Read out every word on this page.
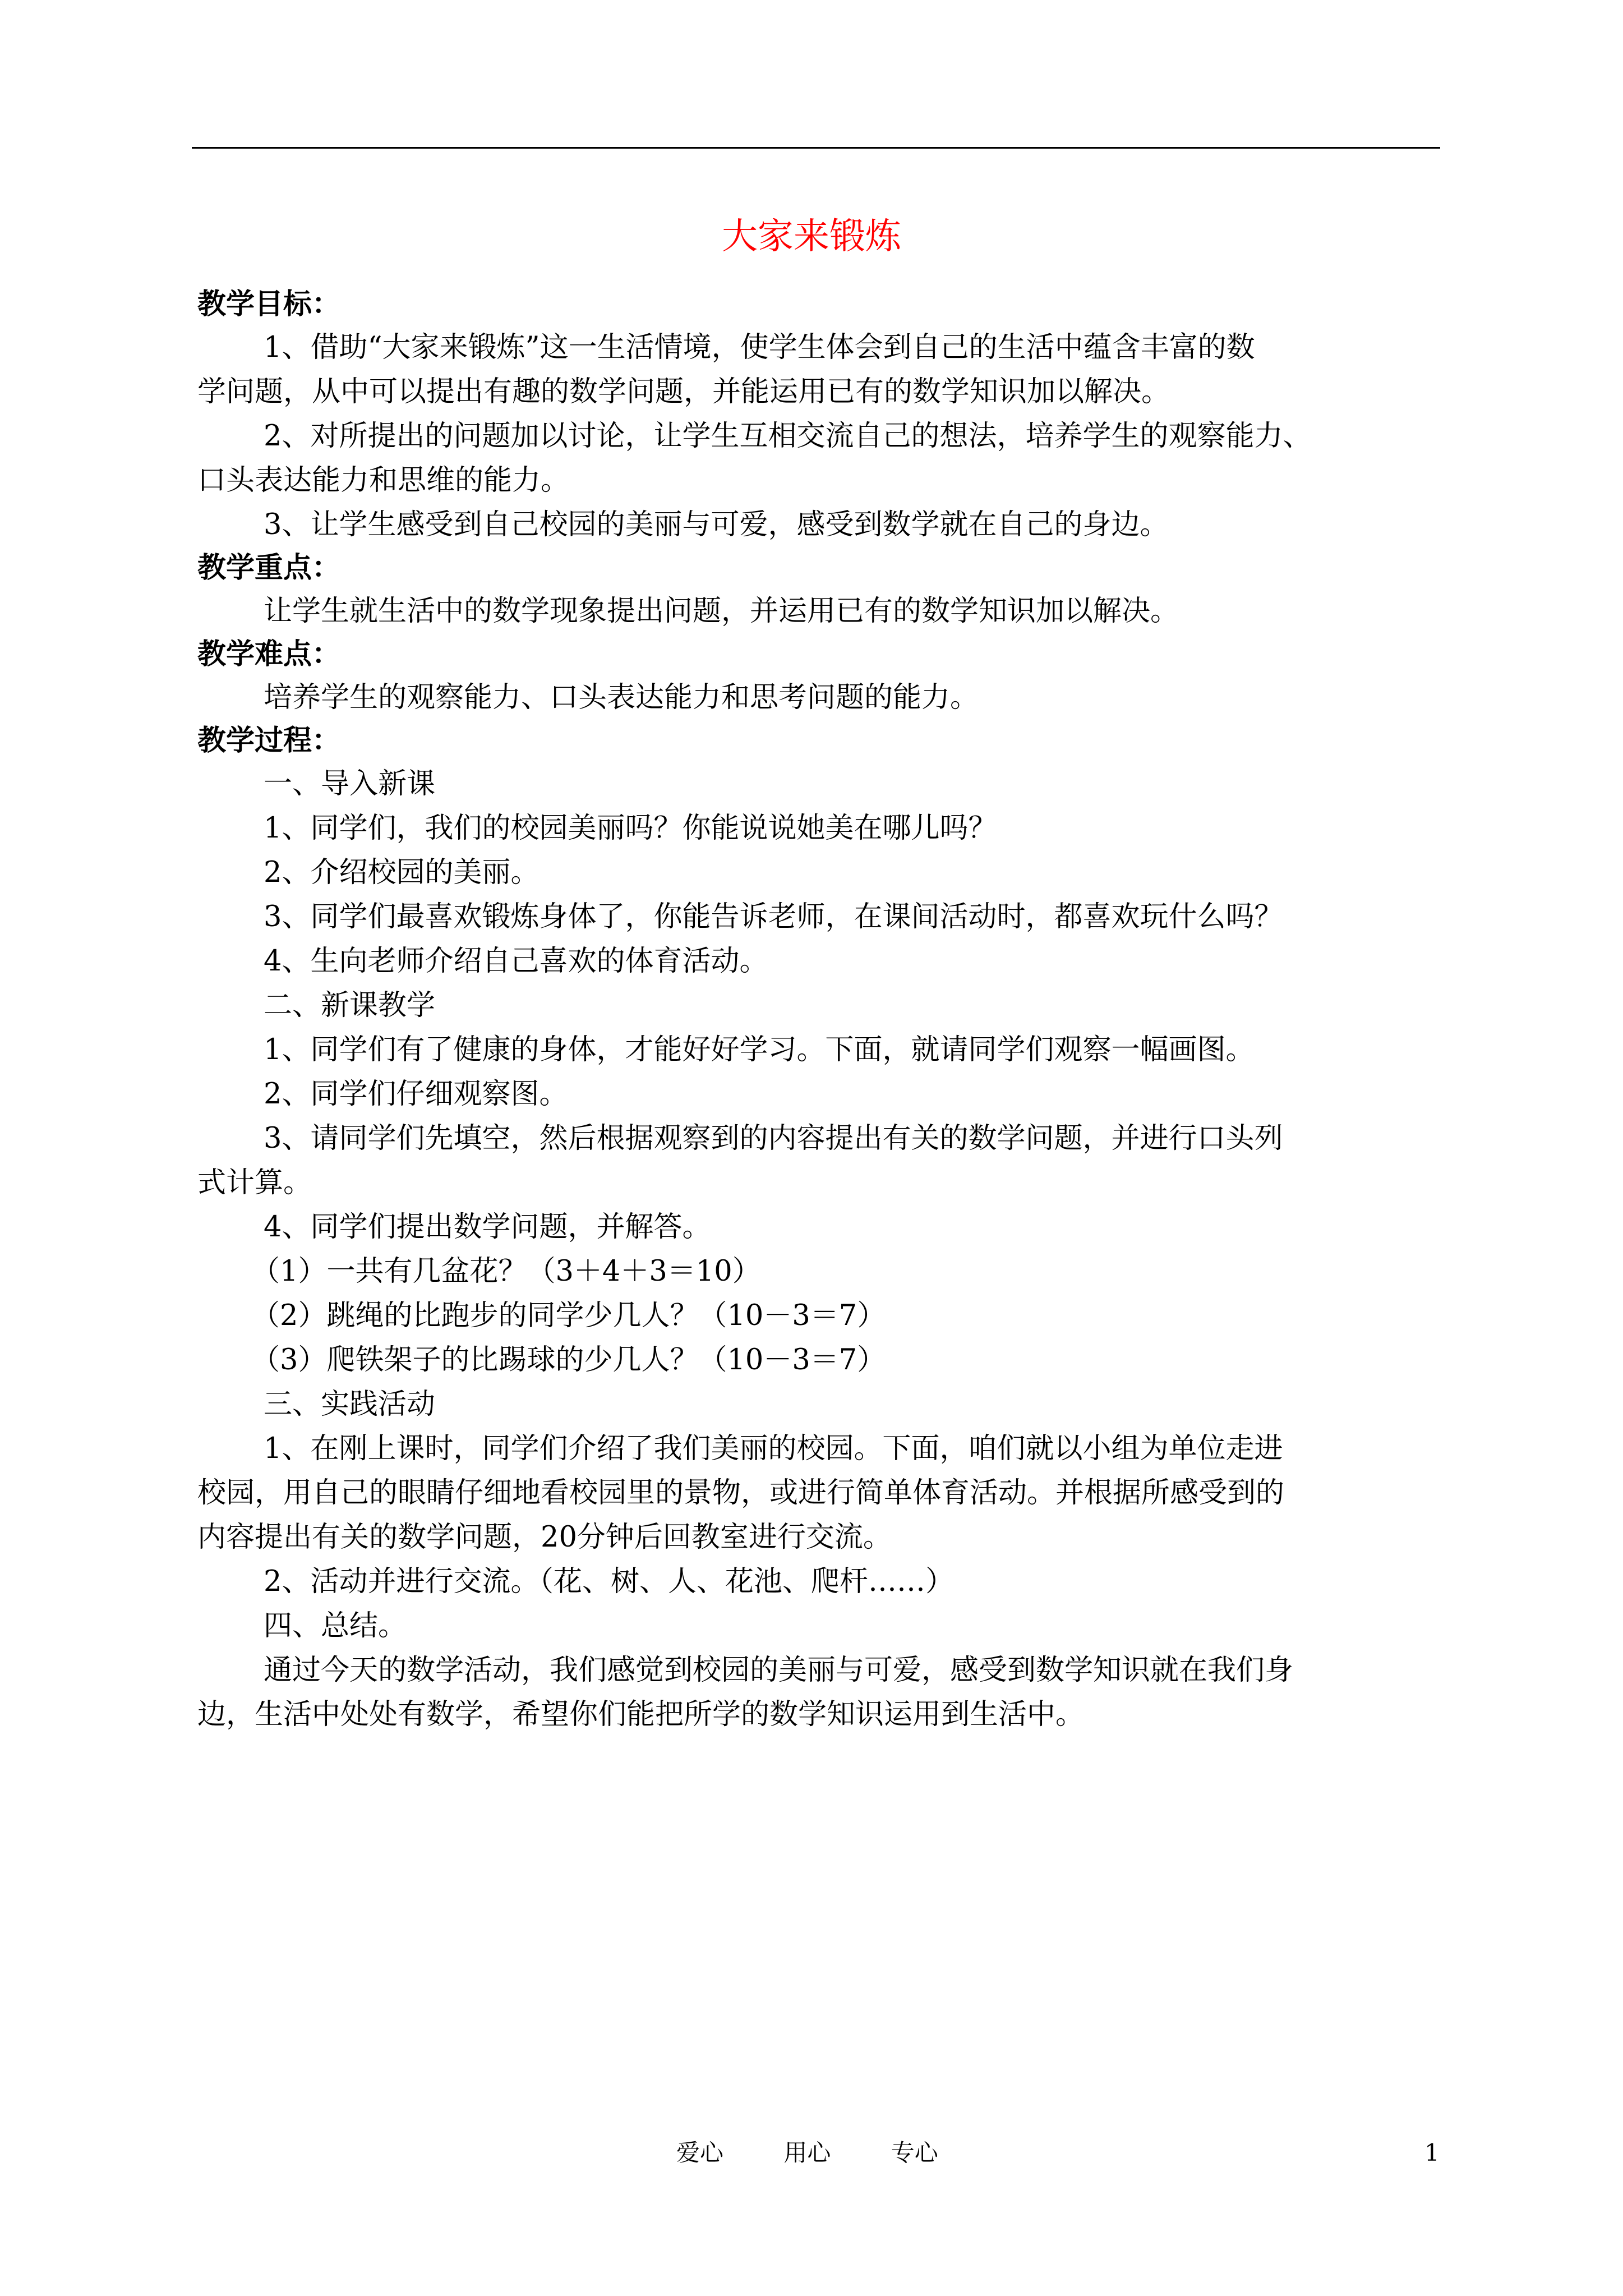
大家来锻炼

教学目标：

1、借助“大家来锻炼”这一生活情境，使学生体会到自己的生活中蕴含丰富的数

学问题，从中可以提出有趣的数学问题，并能运用已有的数学知识加以解决。

2、对所提出的问题加以讨论，让学生互相交流自己的想法，培养学生的观察能力、

口头表达能力和思维的能力。

3、让学生感受到自己校园的美丽与可爱，感受到数学就在自己的身边。

教学重点：

让学生就生活中的数学现象提出问题，并运用已有的数学知识加以解决。

教学难点：

培养学生的观察能力、口头表达能力和思考问题的能力。

教学过程：

一、导入新课

1、同学们，我们的校园美丽吗？你能说说她美在哪儿吗？

2、介绍校园的美丽。

3、同学们最喜欢锻炼身体了，你能告诉老师，在课间活动时，都喜欢玩什么吗？

4、生向老师介绍自己喜欢的体育活动。

二、新课教学

1、同学们有了健康的身体，才能好好学习。下面，就请同学们观察一幅画图。

2、同学们仔细观察图。

3、请同学们先填空，然后根据观察到的内容提出有关的数学问题，并进行口头列

式计算。

4、同学们提出数学问题，并解答。

（1）一共有几盆花？（3＋4＋3＝10）

（2）跳绳的比跑步的同学少几人？（10－3＝7）

（3）爬铁架子的比踢球的少几人？（10－3＝7）

三、实践活动

1、在刚上课时，同学们介绍了我们美丽的校园。下面，咱们就以小组为单位走进

校园，用自己的眼睛仔细地看校园里的景物，或进行简单体育活动。并根据所感受到的

内容提出有关的数学问题，20分钟后回教室进行交流。

2、活动并进行交流。（花、树、人、花池、爬杆……）

四、总结。

通过今天的数学活动，我们感觉到校园的美丽与可爱，感受到数学知识就在我们身

边，生活中处处有数学，希望你们能把所学的数学知识运用到生活中。

爱心	用心	专心	1
